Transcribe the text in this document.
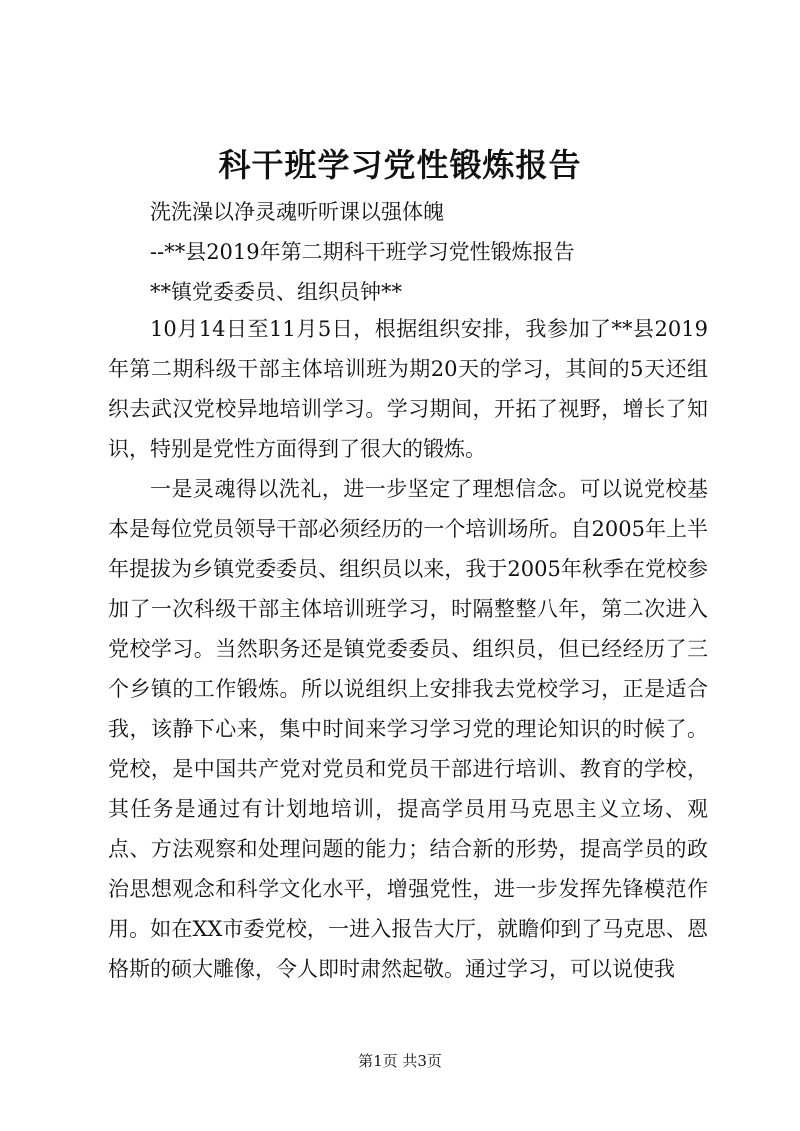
科干班学习党性锻炼报告
洗洗澡以净灵魂听听课以强体魄
--**县2019年第二期科干班学习党性锻炼报告
**镇党委委员、组织员钟**
10月14日至11月5日，根据组织安排，我参加了**县2019年第二期科级干部主体培训班为期20天的学习，其间的5天还组织去武汉党校异地培训学习。学习期间，开拓了视野，增长了知识，特别是党性方面得到了很大的锻炼。
一是灵魂得以洗礼，进一步坚定了理想信念。可以说党校基本是每位党员领导干部必须经历的一个培训场所。自2005年上半年提拔为乡镇党委委员、组织员以来，我于2005年秋季在党校参加了一次科级干部主体培训班学习，时隔整整八年，第二次进入党校学习。当然职务还是镇党委委员、组织员，但已经经历了三个乡镇的工作锻炼。所以说组织上安排我去党校学习，正是适合我，该静下心来，集中时间来学习学习党的理论知识的时候了。党校，是中国共产党对党员和党员干部进行培训、教育的学校，其任务是通过有计划地培训，提高学员用马克思主义立场、观点、方法观察和处理问题的能力；结合新的形势，提高学员的政治思想观念和科学文化水平，增强党性，进一步发挥先锋模范作用。如在XX市委党校，一进入报告大厅，就瞻仰到了马克思、恩格斯的硕大雕像，令人即时肃然起敬。通过学习，可以说使我
第1页 共3页
